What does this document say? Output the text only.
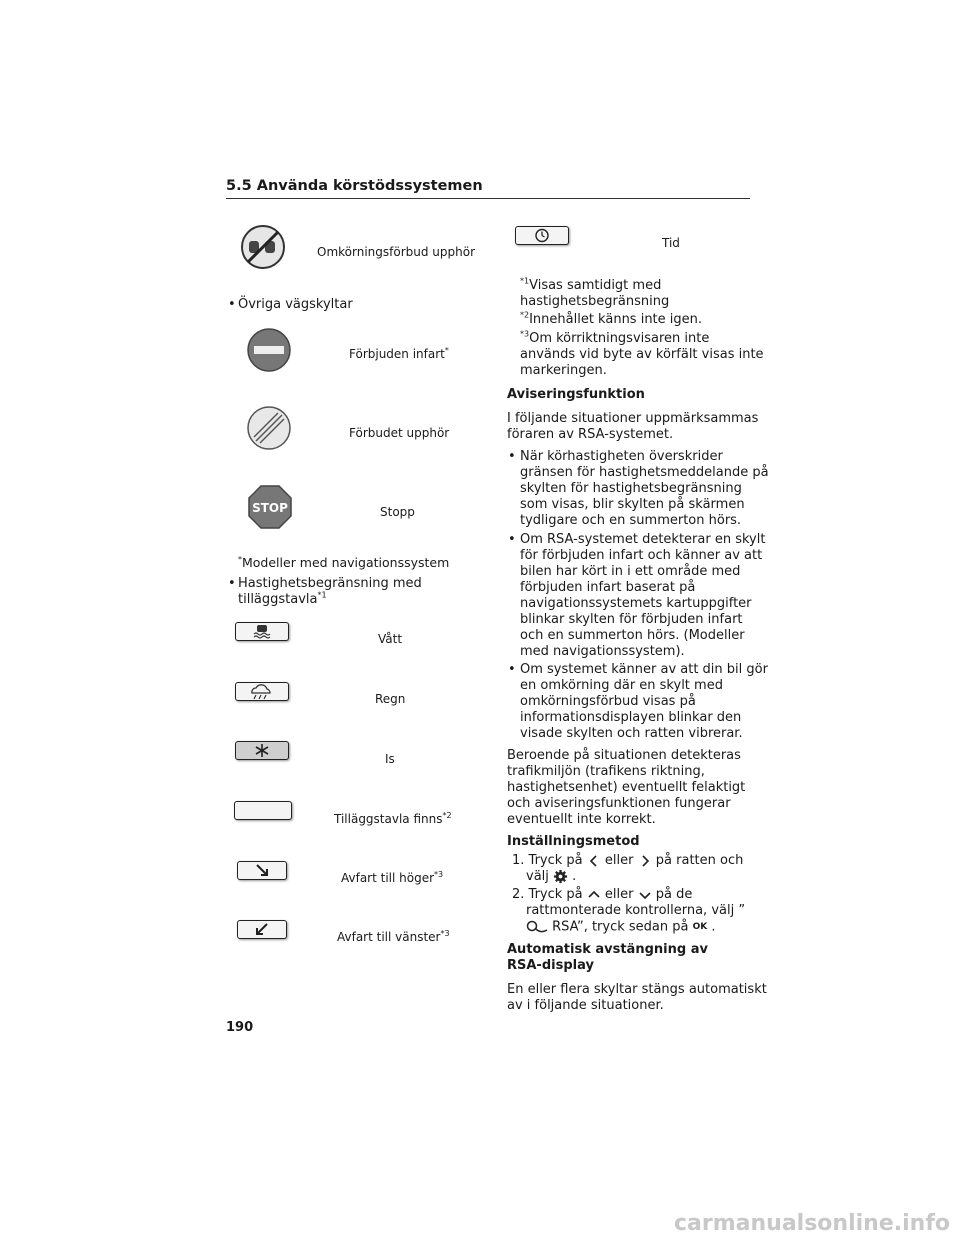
5.5 Använda körstödssystemen
Omkörningsförbud upphör
• Övriga vägskyltar
Förbjuden infart*
Förbudet upphör
STOP	Stopp
*Modeller med navigationssystem
• Hastighetsbegränsning med
tilläggstavla$^{*1}$
Vått
Regn
Is
Tilläggstavla finns$^{*2}$
Avfart till höger$^{*3}$
Avfart till vänster$^{*3}$
Tid
$^{*1}$Visas samtidigt med
hastighetsbegränsning
$^{*2}$Innehållet känns inte igen.
$^{*3}$Om körriktningsvisaren inte
används vid byte av körfält visas inte
markeringen.
Aviseringsfunktion
I följande situationer uppmärksammas
föraren av RSA-systemet.
• När körhastigheten överskrider
gränsen för hastighetsmeddelande på
skylten för hastighetsbegränsning
som visas, blir skylten på skärmen
tydligare och en summerton hörs.
• Om RSA-systemet detekterar en skylt
för förbjuden infart och känner av att
bilen har kört in i ett område med
förbjuden infart baserat på
navigationssystemets kartuppgifter
blinkar skylten för förbjuden infart
och en summerton hörs. (Modeller
med navigationssystem).
• Om systemet känner av att din bil gör
en omkörning där en skylt med
omkörningsförbud visas på
informationsdisplayen blinkar den
visade skylten och ratten vibrerar.
Beroende på situationen detekteras
trafikmiljön (trafikens riktning,
hastighetsenhet) eventuellt felaktigt
och aviseringsfunktionen fungerar
eventuellt inte korrekt.
Inställningsmetod
1. Tryck på eller på ratten och
välj .
2. Tryck på eller på de
rattmonterade kontrollerna, välj ”
RSA”, tryck sedan på OK .
Automatisk avstängning av
RSA-display
En eller flera skyltar stängs automatiskt
av i följande situationer.
190
carmanualsonline.info
